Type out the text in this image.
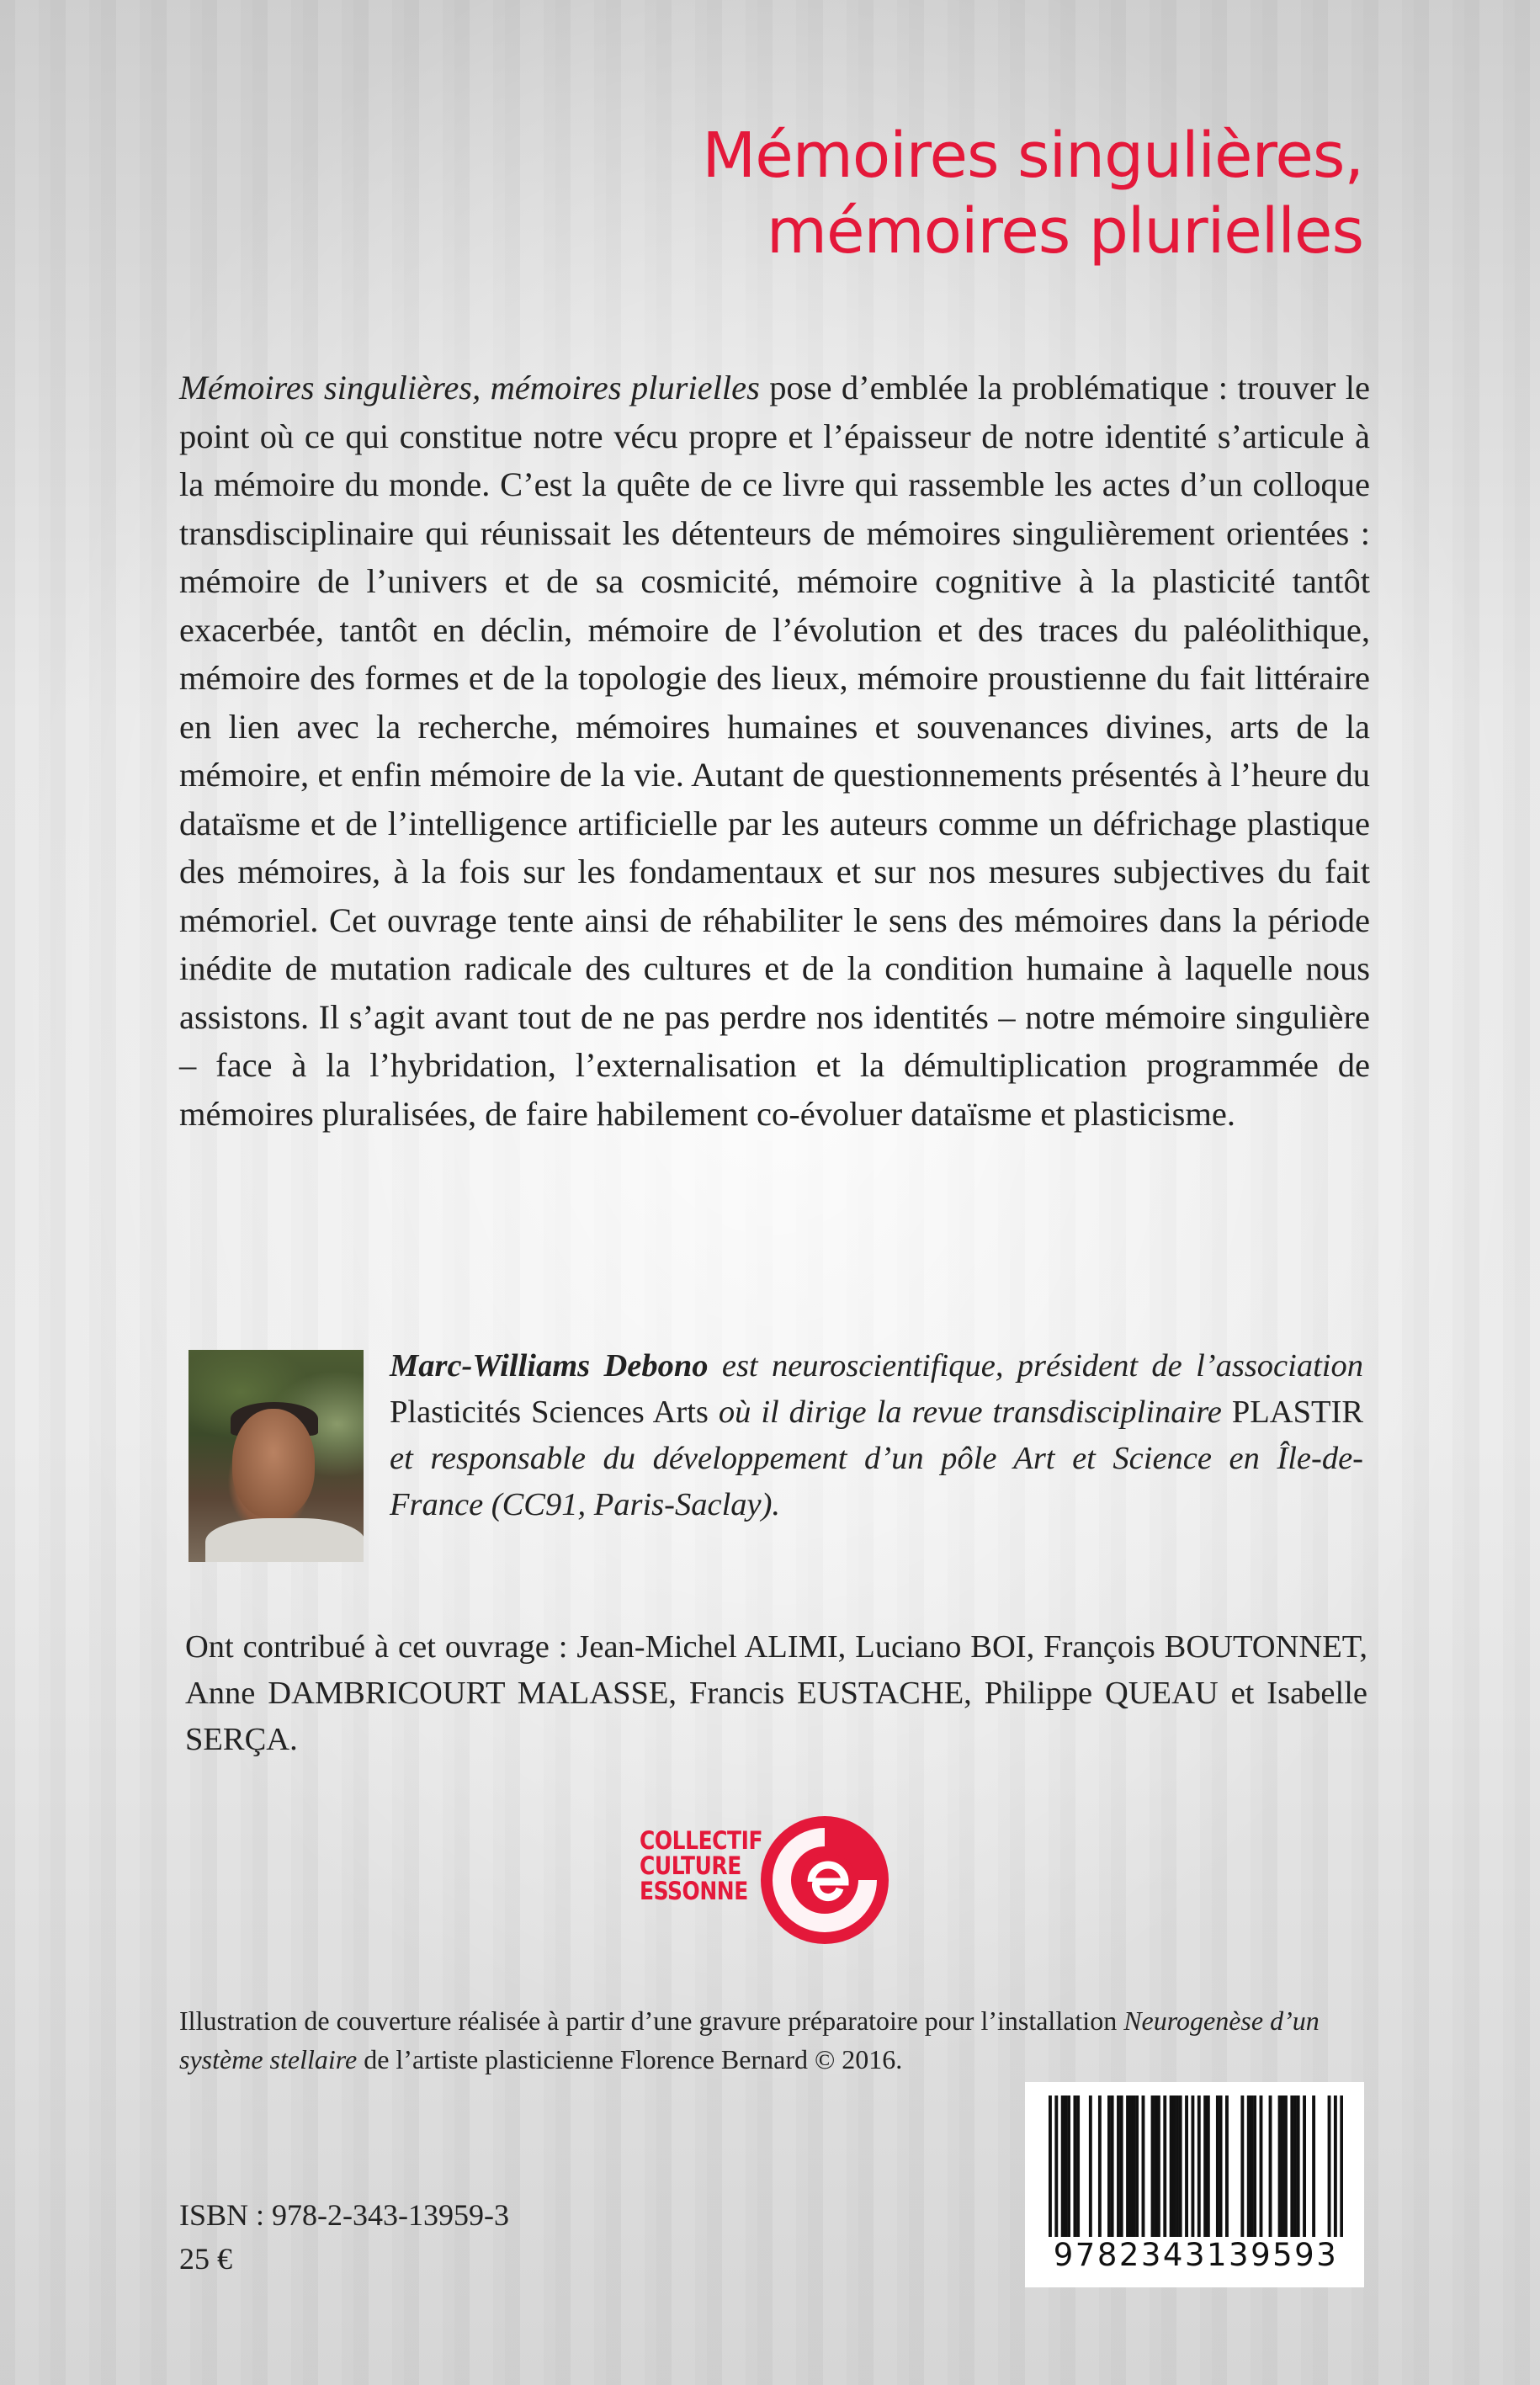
Mémoires singulières,
mémoires plurielles

Mémoires singulières, mémoires plurielles pose d’emblée la problématique : trouver le point où ce qui constitue notre vécu propre et l’épaisseur de notre identité s’articule à la mémoire du monde. C’est la quête de ce livre qui rassemble les actes d’un colloque transdisciplinaire qui réunissait les détenteurs de mémoires singulièrement orientées : mémoire de l’univers et de sa cosmicité, mémoire cognitive à la plasticité tantôt exacerbée, tantôt en déclin, mémoire de l’évolution et des traces du paléolithique, mémoire des formes et de la topologie des lieux, mémoire proustienne du fait littéraire en lien avec la recherche, mémoires humaines et souvenances divines, arts de la mémoire, et enfin mémoire de la vie. Autant de questionnements présentés à l’heure du dataïsme et de l’intelligence artificielle par les auteurs comme un défrichage plastique des mémoires, à la fois sur les fondamentaux et sur nos mesures subjectives du fait mémoriel. Cet ouvrage tente ainsi de réhabiliter le sens des mémoires dans la période inédite de mutation radicale des cultures et de la condition humaine à laquelle nous assistons. Il s’agit avant tout de ne pas perdre nos identités – notre mémoire singulière – face à la l’hybridation, l’externalisation et la démultiplication programmée de mémoires pluralisées, de faire habilement co-évoluer dataïsme et plasticisme.

Marc-Williams Debono est neuroscientifique, président de l’association Plasticités Sciences Arts où il dirige la revue transdisciplinaire PLASTIR et responsable du développement d’un pôle Art et Science en Île-de-France (CC91, Paris-Saclay).

Ont contribué à cet ouvrage : Jean-Michel ALIMI, Luciano BOI, François BOUTONNET, Anne DAMBRICOURT MALASSE, Francis EUSTACHE, Philippe QUEAU et Isabelle SERÇA.

COLLECTIF
CULTURE
ESSONNE

Illustration de couverture réalisée à partir d’une gravure préparatoire pour l’installation Neurogenèse d’un système stellaire de l’artiste plasticienne Florence Bernard © 2016.

ISBN : 978-2-343-13959-3

25 €	9782343139593
